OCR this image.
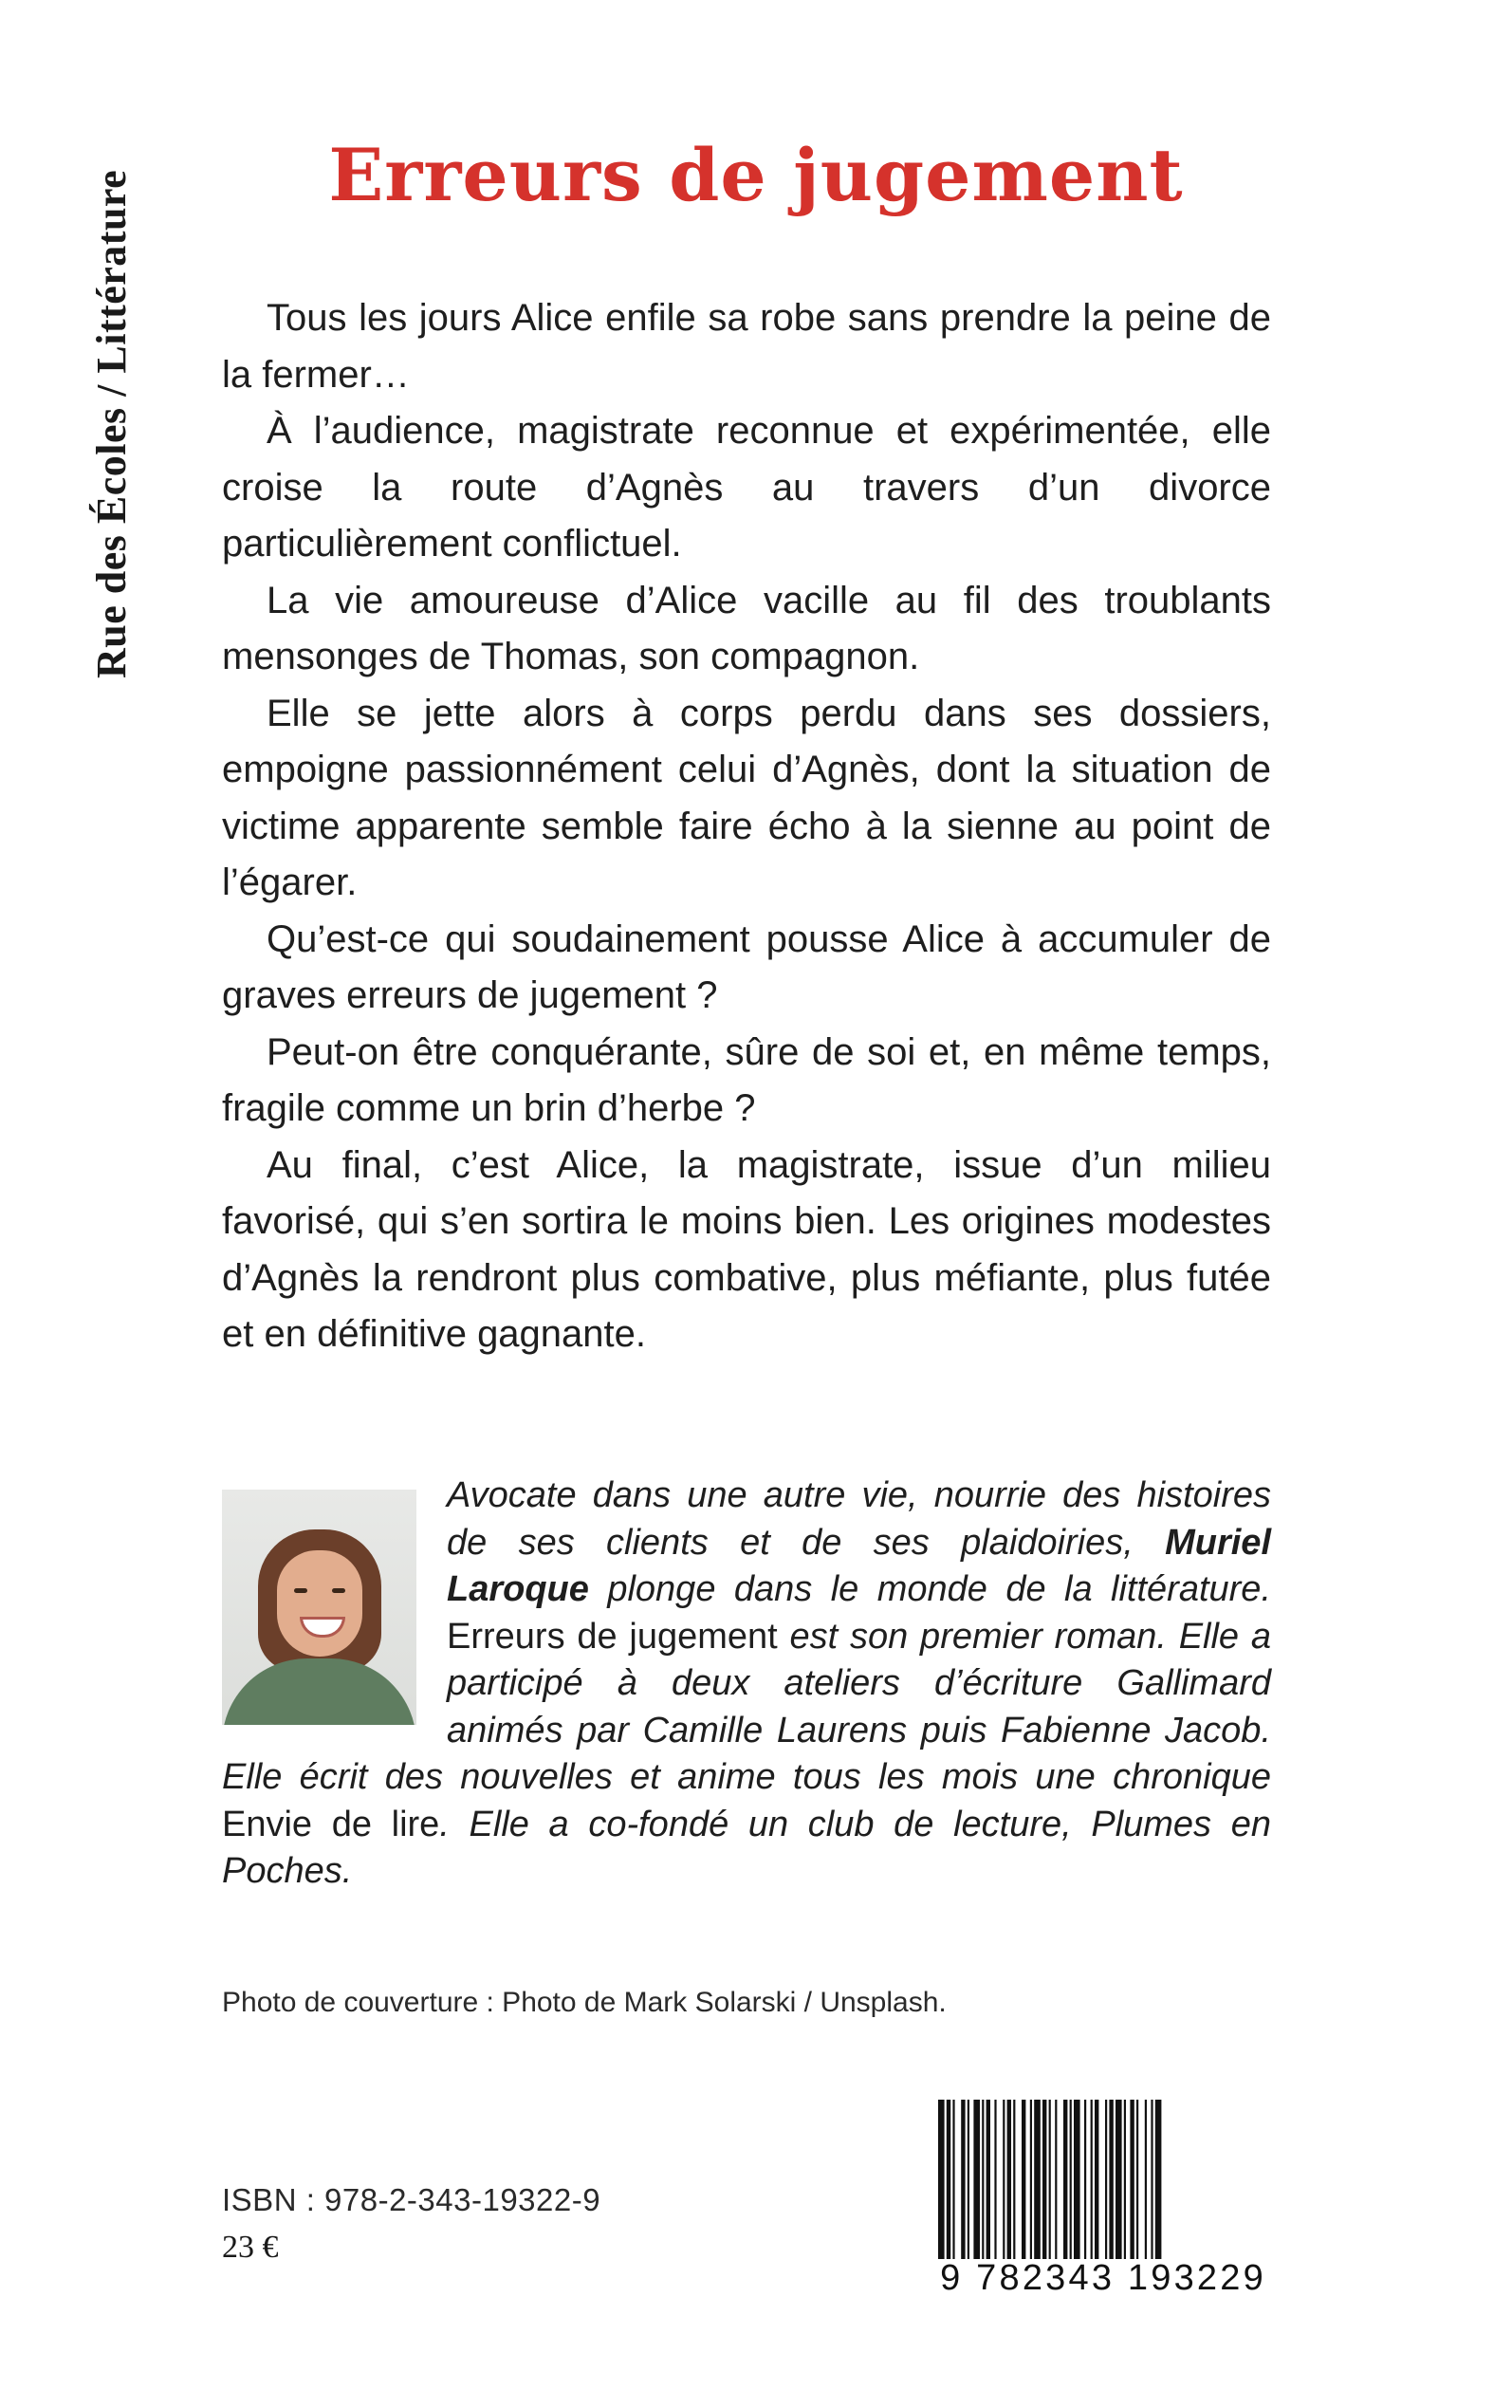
Rue des Écoles / Littérature	Erreurs de jugement

Tous les jours Alice enfile sa robe sans prendre la peine de la fermer…

À l’audience, magistrate reconnue et expérimentée, elle croise la route d’Agnès au travers d’un divorce particulièrement conflictuel.

La vie amoureuse d’Alice vacille au fil des troublants mensonges de Thomas, son compagnon.

Elle se jette alors à corps perdu dans ses dossiers, empoigne passionnément celui d’Agnès, dont la situation de victime apparente semble faire écho à la sienne au point de l’égarer.

Qu’est-ce qui soudainement pousse Alice à accumuler de graves erreurs de jugement ?

Peut-on être conquérante, sûre de soi et, en même temps, fragile comme un brin d’herbe ?

Au final, c’est Alice, la magistrate, issue d’un milieu favorisé, qui s’en sortira le moins bien. Les origines modestes d’Agnès la rendront plus combative, plus méfiante, plus futée et en définitive gagnante.

Avocate dans une autre vie, nourrie des histoires de ses clients et de ses plaidoiries, Muriel Laroque plonge dans le monde de la littérature. Erreurs de jugement est son premier roman. Elle a participé à deux ateliers d’écriture Gallimard animés par Camille Laurens puis Fabienne Jacob. Elle écrit des nouvelles et anime tous les mois une chronique Envie de lire. Elle a co-fondé un club de lecture, Plumes en Poches.

Photo de couverture : Photo de Mark Solarski / Unsplash.
ISBN : 978-2-343-19322-9
23 €
9 782343 193229
